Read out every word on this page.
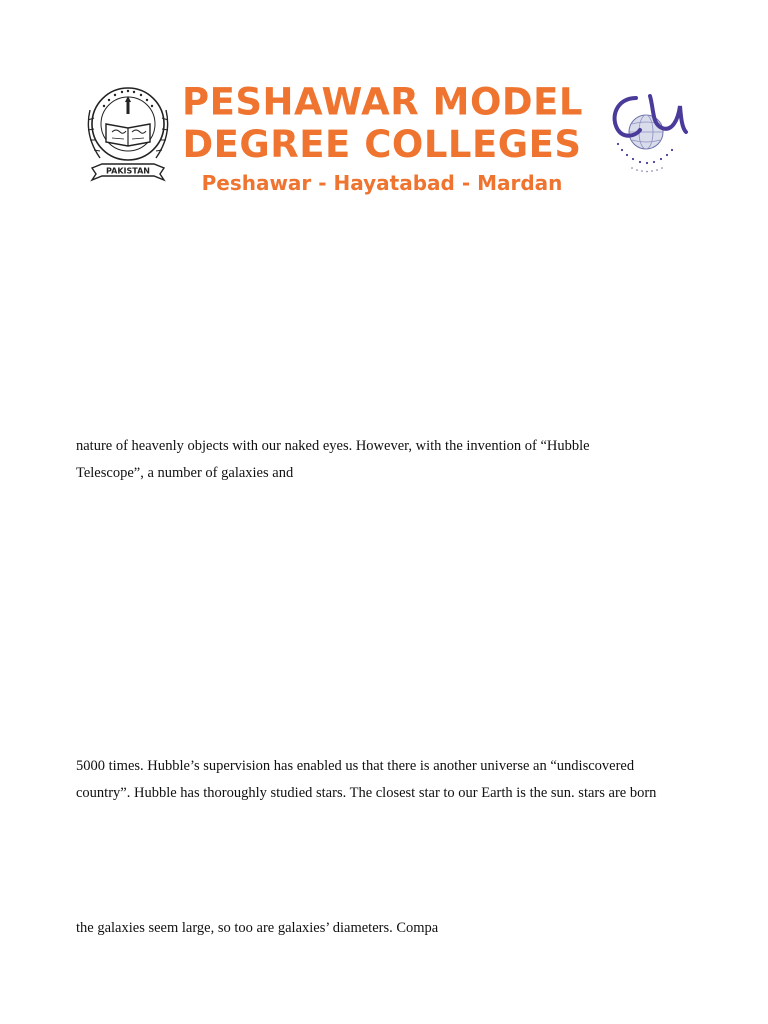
PAKISTAN
PESHAWAR MODEL
DEGREE COLLEGES
Peshawar - Hayatabad - Mardan

nature of heavenly objects with our naked eyes. However, with the invention of “Hubble
Telescope”, a number of galaxies and

5000 times. Hubble’s supervision has enabled us that there is another universe an “undiscovered
country”. Hubble has thoroughly studied stars. The closest star to our Earth is the sun. stars are born

the galaxies seem large, so too are galaxies’ diameters. Compa
